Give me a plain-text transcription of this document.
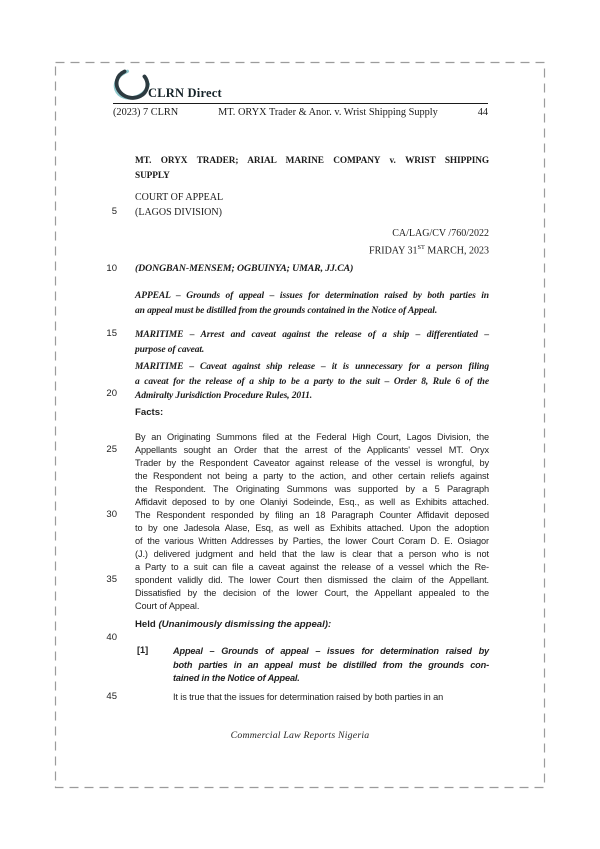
CLRN Direct
(2023) 7 CLRN	MT. ORYX Trader & Anor. v. Wrist Shipping Supply	44
5
10
15
20
25
30
35
40
45
MT. ORYX TRADER; ARIAL MARINE COMPANY v. WRIST SHIPPING
SUPPLY
COURT OF APPEAL
(LAGOS DIVISION)
CA/LAG/CV /760/2022
FRIDAY 31ST MARCH, 2023
(DONGBAN-MENSEM; OGBUINYA; UMAR, JJ.CA)
APPEAL – Grounds of appeal – issues for determination raised by both parties in
an appeal must be distilled from the grounds contained in the Notice of Appeal.
MARITIME – Arrest and caveat against the release of a ship – differentiated –
purpose of caveat.
MARITIME – Caveat against ship release – it is unnecessary for a person filing
a caveat for the release of a ship to be a party to the suit – Order 8, Rule 6 of the
Admiralty Jurisdiction Procedure Rules, 2011.
Facts:
By an Originating Summons filed at the Federal High Court, Lagos Division, the
Appellants sought an Order that the arrest of the Applicants' vessel MT. Oryx
Trader by the Respondent Caveator against release of the vessel is wrongful, by
the Respondent not being a party to the action, and other certain reliefs against
the Respondent. The Originating Summons was supported by a 5 Paragraph
Affidavit deposed to by one Olaniyi Sodeinde, Esq., as well as Exhibits attached.
The Respondent responded by filing an 18 Paragraph Counter Affidavit deposed
to by one Jadesola Alase, Esq, as well as Exhibits attached. Upon the adoption
of the various Written Addresses by Parties, the lower Court Coram D. E. Osiagor
(J.) delivered judgment and held that the law is clear that a person who is not
a Party to a suit can file a caveat against the release of a vessel which the Re-
spondent validly did. The lower Court then dismissed the claim of the Appellant.
Dissatisfied by the decision of the lower Court, the Appellant appealed to the
Court of Appeal.
Held (Unanimously dismissing the appeal):
[1]	Appeal – Grounds of appeal – issues for determination raised by
both parties in an appeal must be distilled from the grounds con-
tained in the Notice of Appeal.
It is true that the issues for determination raised by both parties in an
Commercial Law Reports Nigeria
